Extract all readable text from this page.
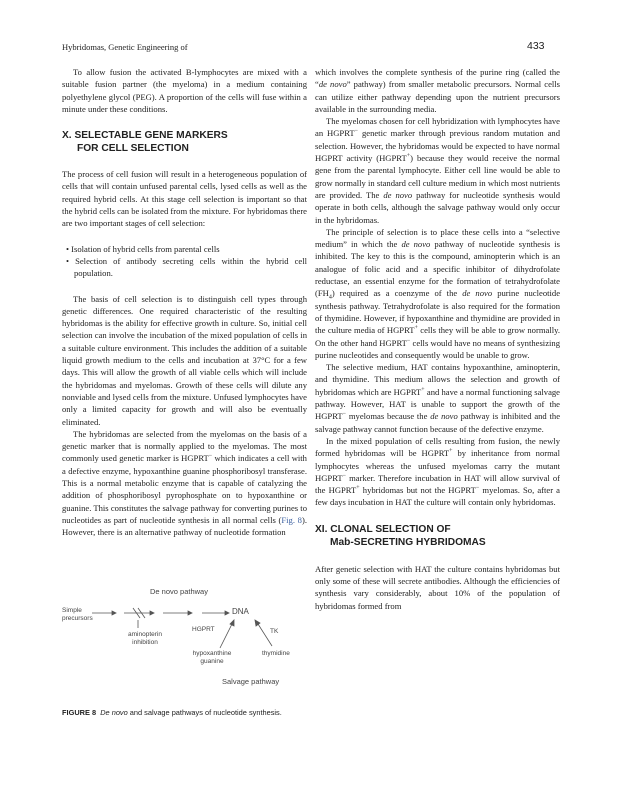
Hybridomas, Genetic Engineering of	433

To allow fusion the activated B-lymphocytes are mixed with a suitable fusion partner (the myeloma) in a medium containing polyethylene glycol (PEG). A proportion of the cells will fuse within a minute under these conditions.

X. SELECTABLE GENE MARKERS

FOR CELL SELECTION

The process of cell fusion will result in a heterogeneous population of cells that will contain unfused parental cells, lysed cells as well as the required hybrid cells. At this stage cell selection is important so that the hybrid cells can be isolated from the mixture. For hybridomas there are two important stages of cell selection:

• Isolation of hybrid cells from parental cells

• Selection of antibody secreting cells within the hybrid cell population.

The basis of cell selection is to distinguish cell types through genetic differences. One required characteristic of the resulting hybridomas is the ability for effective growth in culture. So, initial cell selection can involve the incubation of the mixed population of cells in a suitable culture environment. This includes the addition of a suitable liquid growth medium to the cells and incubation at 37°C for a few days. This will allow the growth of all viable cells which will include the hybridomas and myelomas. Growth of these cells will dilute any nonviable and lysed cells from the mixture. Unfused lymphocytes have only a limited capacity for growth and will also be eventually eliminated.

The hybridomas are selected from the myelomas on the basis of a genetic marker that is normally applied to the myelomas. The most commonly used genetic marker is HGPRT− which indicates a cell with a defective enzyme, hypoxanthine guanine phosphoribosyl transferase. This is a normal metabolic enzyme that is capable of catalyzing the addition of phosphoribosyl pyrophosphate on to hypoxanthine or guanine. This constitutes the salvage pathway for converting purines to nucleotides as part of nucleotide synthesis in all normal cells (Fig. 8). However, there is an alternative pathway of nucleotide formation

De novo pathway
Simple precursors
DNA
aminopterin inhibition
HGPRT	TK
hypoxanthine guanine
thymidine
Salvage pathway
FIGURE 8 De novo and salvage pathways of nucleotide synthesis.

which involves the complete synthesis of the purine ring (called the “de novo” pathway) from smaller metabolic precursors. Normal cells can utilize either pathway depending upon the nutrient precursors available in the surrounding media.

The myelomas chosen for cell hybridization with lymphocytes have an HGPRT− genetic marker through previous random mutation and selection. However, the hybridomas would be expected to have normal HGPRT activity (HGPRT+) because they would receive the normal gene from the parental lymphocyte. Either cell line would be able to grow normally in standard cell culture medium in which most nutrients are provided. The de novo pathway for nucleotide synthesis would operate in both cells, although the salvage pathway would only occur in the hybridomas.

The principle of selection is to place these cells into a “selective medium” in which the de novo pathway of nucleotide synthesis is inhibited. The key to this is the compound, aminopterin which is an analogue of folic acid and a specific inhibitor of dihydrofolate reductase, an essential enzyme for the formation of tetrahydrofolate $(FH_4)$ required as a coenzyme of the de novo purine nucleotide synthesis pathway. Tetrahydrofolate is also required for the formation of thymidine. However, if hypoxanthine and thymidine are provided in the culture media of HGPRT+ cells they will be able to grow normally. On the other hand HGPRT− cells would have no means of synthesizing purine nucleotides and consequently would be unable to grow.

The selective medium, HAT contains hypoxanthine, aminopterin, and thymidine. This medium allows the selection and growth of hybridomas which are HGPRT+ and have a normal functioning salvage pathway. However, HAT is unable to support the growth of the HGPRT− myelomas because the de novo pathway is inhibited and the salvage pathway cannot function because of the defective enzyme.

In the mixed population of cells resulting from fusion, the newly formed hybridomas will be HGPRT+ by inheritance from normal lymphocytes whereas the unfused myelomas carry the mutant HGPRT− marker. Therefore incubation in HAT will allow survival of the HGPRT+ hybridomas but not the HGPRT− myelomas. So, after a few days incubation in HAT the culture will contain only hybridomas.

XI. CLONAL SELECTION OF

Mab-SECRETING HYBRIDOMAS

After genetic selection with HAT the culture contains hybridomas but only some of these will secrete antibodies. Although the efficiencies of synthesis vary considerably, about 10% of the population of hybridomas formed from
